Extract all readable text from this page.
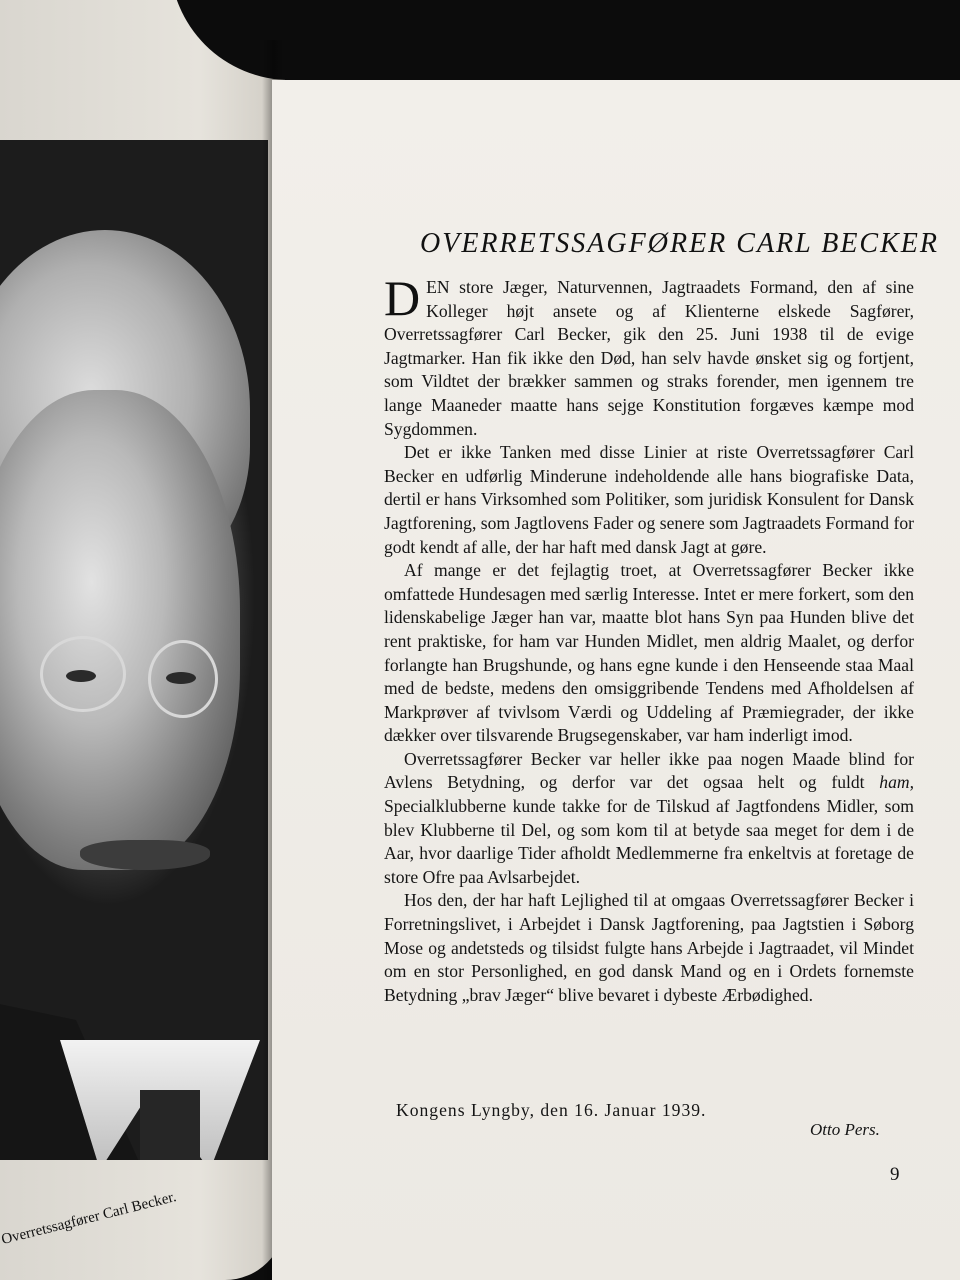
Overretssagfører Carl Becker.
OVERRETSSAGFØRER CARL BECKER

DEN store Jæger, Naturvennen, Jagtraadets Formand, den af sine Kolleger højt ansete og af Klienterne elskede Sagfører, Overretssagfører Carl Becker, gik den 25. Juni 1938 til de evige Jagtmarker. Han fik ikke den Død, han selv havde ønsket sig og fortjent, som Vildtet der brækker sammen og straks forender, men igennem tre lange Maaneder maatte hans sejge Konstitution forgæves kæmpe mod Sygdommen.

Det er ikke Tanken med disse Linier at riste Overretssagfører Carl Becker en udførlig Minderune indeholdende alle hans biografiske Data, dertil er hans Virksomhed som Politiker, som juridisk Konsulent for Dansk Jagtforening, som Jagtlovens Fader og senere som Jagtraadets Formand for godt kendt af alle, der har haft med dansk Jagt at gøre.

Af mange er det fejlagtig troet, at Overretssagfører Becker ikke omfattede Hundesagen med særlig Interesse. Intet er mere forkert, som den lidenskabelige Jæger han var, maatte blot hans Syn paa Hunden blive det rent praktiske, for ham var Hunden Midlet, men aldrig Maalet, og derfor forlangte han Brugshunde, og hans egne kunde i den Henseende staa Maal med de bedste, medens den omsiggribende Tendens med Afholdelsen af Markprøver af tvivlsom Værdi og Uddeling af Præmiegrader, der ikke dækker over tilsvarende Brugsegenskaber, var ham inderligt imod.

Overretssagfører Becker var heller ikke paa nogen Maade blind for Avlens Betydning, og derfor var det ogsaa helt og fuldt ham, Specialklubberne kunde takke for de Tilskud af Jagtfondens Midler, som blev Klubberne til Del, og som kom til at betyde saa meget for dem i de Aar, hvor daarlige Tider afholdt Medlemmerne fra enkeltvis at foretage de store Ofre paa Avlsarbejdet.

Hos den, der har haft Lejlighed til at omgaas Overretssagfører Becker i Forretningslivet, i Arbejdet i Dansk Jagtforening, paa Jagtstien i Søborg Mose og andetsteds og tilsidst fulgte hans Arbejde i Jagtraadet, vil Mindet om en stor Personlighed, en god dansk Mand og en i Ordets fornemste Betydning „brav Jæger“ blive bevaret i dybeste Ærbødighed.

Kongens Lyngby, den 16. Januar 1939.
Otto Pers.
9
